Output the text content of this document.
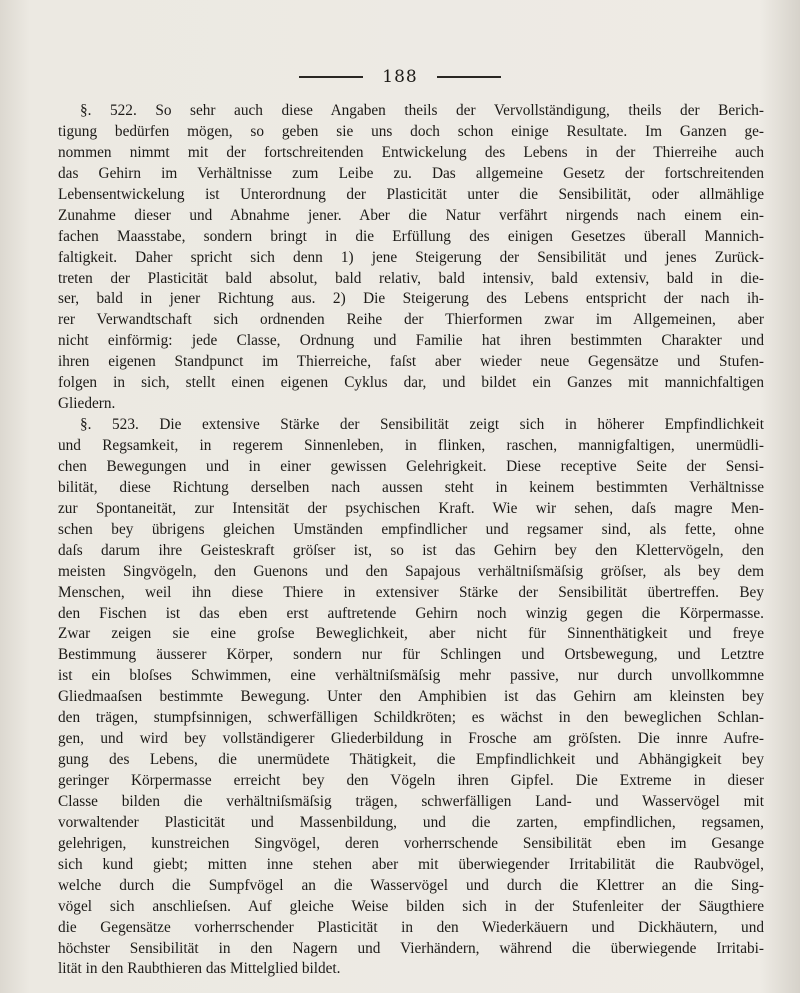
188
§. 522. So sehr auch diese Angaben theils der Vervollständigung, theils der Berich-
tigung bedürfen mögen, so geben sie uns doch schon einige Resultate. Im Ganzen ge-
nommen nimmt mit der fortschreitenden Entwickelung des Lebens in der Thierreihe auch
das Gehirn im Verhältnisse zum Leibe zu. Das allgemeine Gesetz der fortschreitenden
Lebensentwickelung ist Unterordnung der Plasticität unter die Sensibilität, oder allmählige
Zunahme dieser und Abnahme jener. Aber die Natur verfährt nirgends nach einem ein-
fachen Maasstabe, sondern bringt in die Erfüllung des einigen Gesetzes überall Mannich-
faltigkeit. Daher spricht sich denn 1) jene Steigerung der Sensibilität und jenes Zurück-
treten der Plasticität bald absolut, bald relativ, bald intensiv, bald extensiv, bald in die-
ser, bald in jener Richtung aus. 2) Die Steigerung des Lebens entspricht der nach ih-
rer Verwandtschaft sich ordnenden Reihe der Thierformen zwar im Allgemeinen, aber
nicht einförmig: jede Classe, Ordnung und Familie hat ihren bestimmten Charakter und
ihren eigenen Standpunct im Thierreiche, faſst aber wieder neue Gegensätze und Stufen-
folgen in sich, stellt einen eigenen Cyklus dar, und bildet ein Ganzes mit mannichfaltigen
Gliedern.
§. 523. Die extensive Stärke der Sensibilität zeigt sich in höherer Empfindlichkeit
und Regsamkeit, in regerem Sinnenleben, in flinken, raschen, mannigfaltigen, unermüdli-
chen Bewegungen und in einer gewissen Gelehrigkeit. Diese receptive Seite der Sensi-
bilität, diese Richtung derselben nach aussen steht in keinem bestimmten Verhältnisse
zur Spontaneität, zur Intensität der psychischen Kraft. Wie wir sehen, daſs magre Men-
schen bey übrigens gleichen Umständen empfindlicher und regsamer sind, als fette, ohne
daſs darum ihre Geisteskraft gröſser ist, so ist das Gehirn bey den Klettervögeln, den
meisten Singvögeln, den Guenons und den Sapajous verhältniſsmäſsig gröſser, als bey dem
Menschen, weil ihn diese Thiere in extensiver Stärke der Sensibilität übertreffen. Bey
den Fischen ist das eben erst auftretende Gehirn noch winzig gegen die Körpermasse.
Zwar zeigen sie eine groſse Beweglichkeit, aber nicht für Sinnenthätigkeit und freye
Bestimmung äusserer Körper, sondern nur für Schlingen und Ortsbewegung, und Letztre
ist ein bloſses Schwimmen, eine verhältniſsmäſsig mehr passive, nur durch unvollkommne
Gliedmaaſsen bestimmte Bewegung. Unter den Amphibien ist das Gehirn am kleinsten bey
den trägen, stumpfsinnigen, schwerfälligen Schildkröten; es wächst in den beweglichen Schlan-
gen, und wird bey vollständigerer Gliederbildung in Frosche am gröſsten. Die innre Aufre-
gung des Lebens, die unermüdete Thätigkeit, die Empfindlichkeit und Abhängigkeit bey
geringer Körpermasse erreicht bey den Vögeln ihren Gipfel. Die Extreme in dieser
Classe bilden die verhältniſsmäſsig trägen, schwerfälligen Land- und Wasservögel mit
vorwaltender Plasticität und Massenbildung, und die zarten, empfindlichen, regsamen,
gelehrigen, kunstreichen Singvögel, deren vorherrschende Sensibilität eben im Gesange
sich kund giebt; mitten inne stehen aber mit überwiegender Irritabilität die Raubvögel,
welche durch die Sumpfvögel an die Wasservögel und durch die Klettrer an die Sing-
vögel sich anschlieſsen. Auf gleiche Weise bilden sich in der Stufenleiter der Säugthiere
die Gegensätze vorherrschender Plasticität in den Wiederkäuern und Dickhäutern, und
höchster Sensibilität in den Nagern und Vierhändern, während die überwiegende Irritabi-
lität in den Raubthieren das Mittelglied bildet.
